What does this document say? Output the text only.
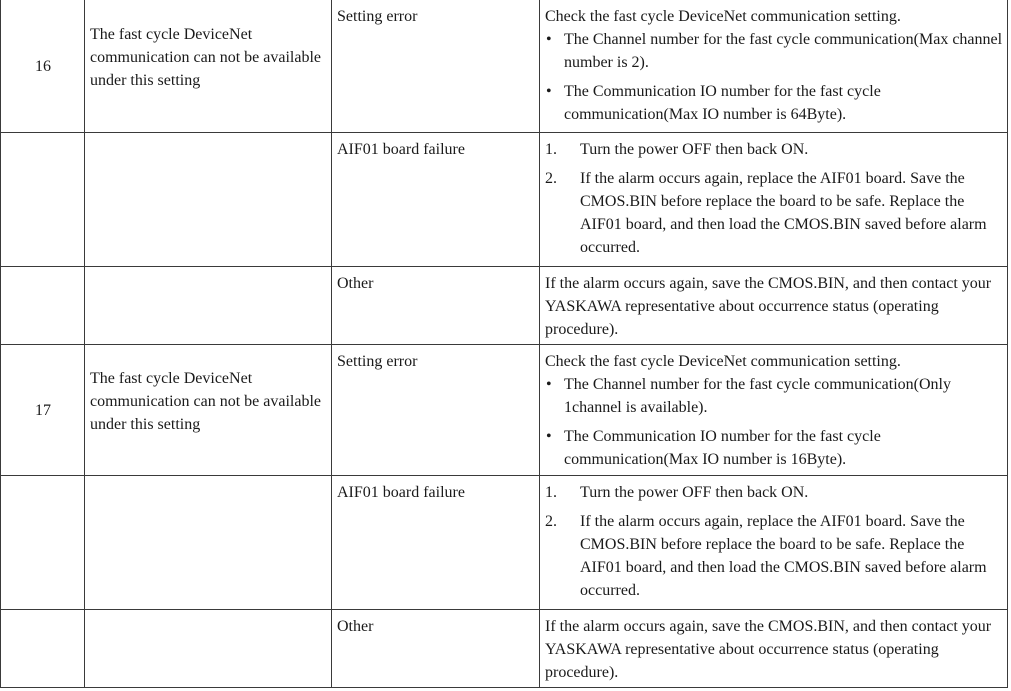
16	The fast cycle DeviceNet communication can not be available under this setting	Setting error	Check the fast cycle DeviceNet communication setting.
• The Channel number for the fast cycle communication(Max channel number is 2).
• The Communication IO number for the fast cycle communication(Max IO number is 64Byte).

		AIF01 board failure	1. Turn the power OFF then back ON.
2. If the alarm occurs again, replace the AIF01 board. Save the CMOS.BIN before replace the board to be safe. Replace the AIF01 board, and then load the CMOS.BIN saved before alarm occurred.

		Other	If the alarm occurs again, save the CMOS.BIN, and then contact your YASKAWA representative about occurrence status (operating procedure).
17	The fast cycle DeviceNet communication can not be available under this setting	Setting error	Check the fast cycle DeviceNet communication setting.
• The Channel number for the fast cycle communication(Only 1channel is available).
• The Communication IO number for the fast cycle communication(Max IO number is 16Byte).

		AIF01 board failure	1. Turn the power OFF then back ON.
2. If the alarm occurs again, replace the AIF01 board. Save the CMOS.BIN before replace the board to be safe. Replace the AIF01 board, and then load the CMOS.BIN saved before alarm occurred.

		Other	If the alarm occurs again, save the CMOS.BIN, and then contact your YASKAWA representative about occurrence status (operating procedure).
